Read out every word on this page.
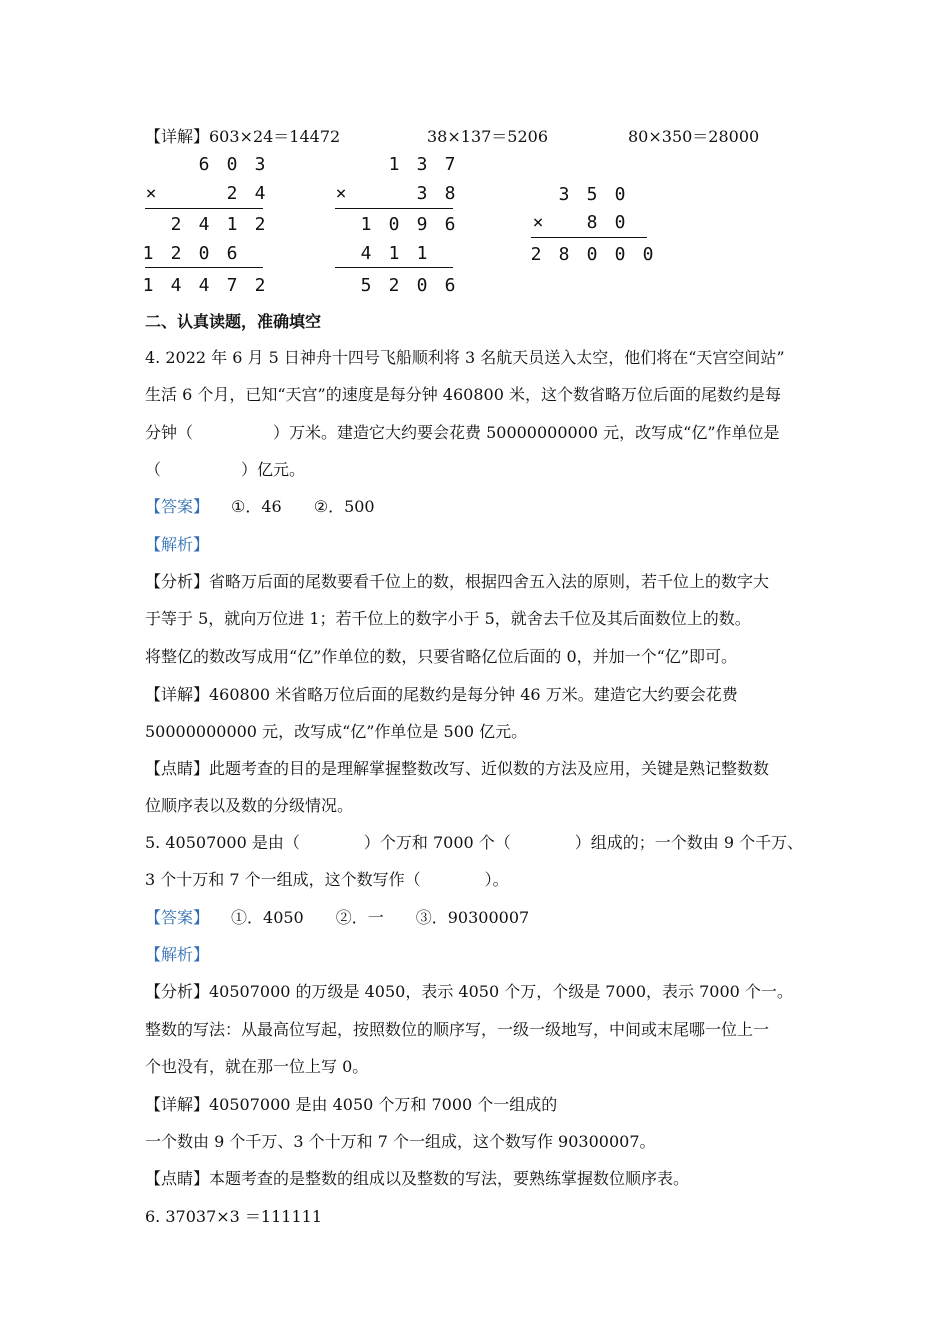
【详解】 603×24＝14472	38×137＝5206	80×350＝28000
6 0 3
×	2 4
2 4 1 2
1 2 0 6
1 4 4 7 2
1 3 7
×	3 8
1 0 9 6
4 1 1
5 2 0 6
3 5 0
× 8 0
2 8 0 0 0
二、认真读题，准确填空
4. 2022 年 6 月 5 日神舟十四号飞船顺利将 3 名航天员送入太空，他们将在“天宫空间站”
生活 6 个月，已知“天宫”的速度是每分钟 460800 米，这个数省略万位后面的尾数约是每
分钟（　　　　　）万米。建造它大约要会花费 50000000000 元，改写成“亿”作单位是
（　　　　　）亿元。
【答案】 ①．46　　②．500
【解析】
【分析】省略万后面的尾数要看千位上的数，根据四舍五入法的原则，若千位上的数字大
于等于 5，就向万位进 1；若千位上的数字小于 5，就舍去千位及其后面数位上的数。
将整亿的数改写成用“亿”作单位的数，只要省略亿位后面的 0，并加一个“亿”即可。
【详解】460800 米省略万位后面的尾数约是每分钟 46 万米。建造它大约要会花费
50000000000 元，改写成“亿”作单位是 500 亿元。
【点睛】此题考查的目的是理解掌握整数改写、近似数的方法及应用，关键是熟记整数数
位顺序表以及数的分级情况。
5. 40507000 是由（　　　　）个万和 7000 个（　　　　）组成的；一个数由 9 个千万、
3 个十万和 7 个一组成，这个数写作（　　　　）。
【答案】 ①．4050　　②．一　　③．90300007
【解析】
【分析】40507000 的万级是 4050，表示 4050 个万，个级是 7000，表示 7000 个一。
整数的写法：从最高位写起，按照数位的顺序写，一级一级地写，中间或末尾哪一位上一
个也没有，就在那一位上写 0。
【详解】40507000 是由 4050 个万和 7000 个一组成的
一个数由 9 个千万、3 个十万和 7 个一组成，这个数写作 90300007。
【点睛】本题考查的是整数的组成以及整数的写法，要熟练掌握数位顺序表。
6. 37037×3 ＝111111
